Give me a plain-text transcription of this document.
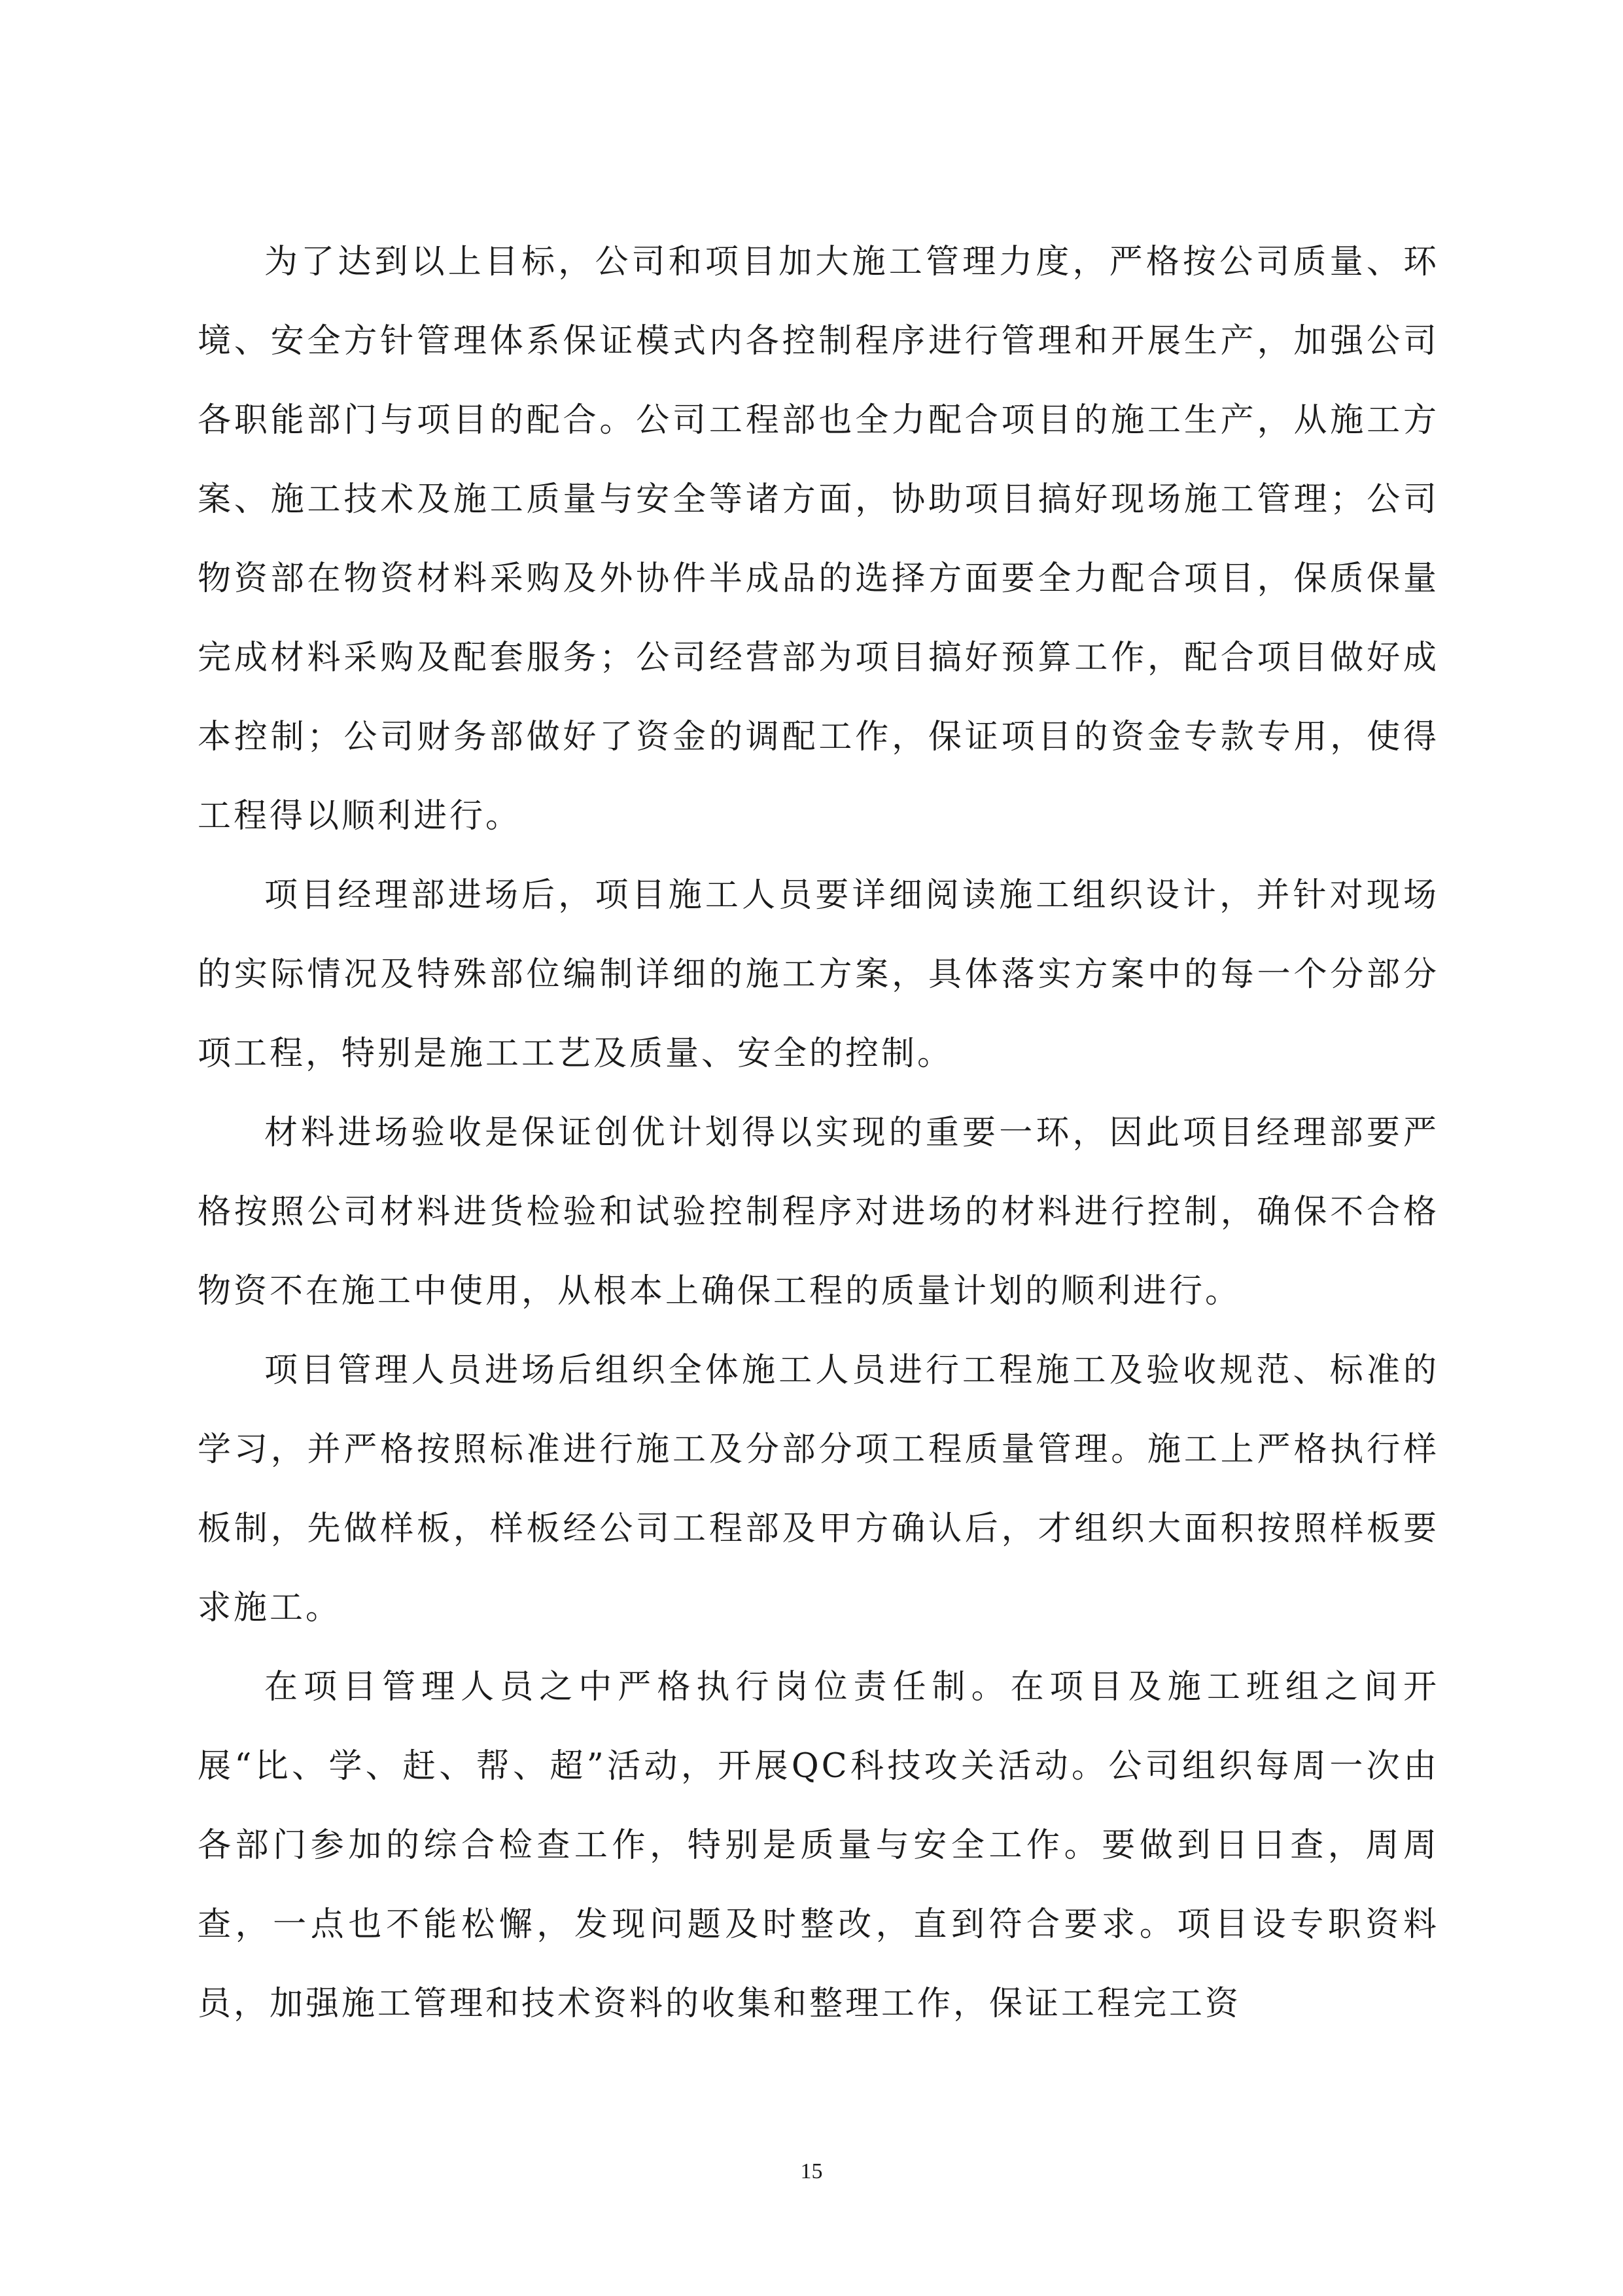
为了达到以上目标，公司和项目加大施工管理力度，严格按公司质量、环境、安全方针管理体系保证模式内各控制程序进行管理和开展生产，加强公司各职能部门与项目的配合。公司工程部也全力配合项目的施工生产，从施工方案、施工技术及施工质量与安全等诸方面，协助项目搞好现场施工管理；公司物资部在物资材料采购及外协件半成品的选择方面要全力配合项目，保质保量完成材料采购及配套服务；公司经营部为项目搞好预算工作，配合项目做好成本控制；公司财务部做好了资金的调配工作，保证项目的资金专款专用，使得工程得以顺利进行。

项目经理部进场后，项目施工人员要详细阅读施工组织设计，并针对现场的实际情况及特殊部位编制详细的施工方案，具体落实方案中的每一个分部分项工程，特别是施工工艺及质量、安全的控制。

材料进场验收是保证创优计划得以实现的重要一环，因此项目经理部要严格按照公司材料进货检验和试验控制程序对进场的材料进行控制，确保不合格物资不在施工中使用，从根本上确保工程的质量计划的顺利进行。

项目管理人员进场后组织全体施工人员进行工程施工及验收规范、标准的学习，并严格按照标准进行施工及分部分项工程质量管理。施工上严格执行样板制，先做样板，样板经公司工程部及甲方确认后，才组织大面积按照样板要求施工。

在项目管理人员之中严格执行岗位责任制。在项目及施工班组之间开展“比、学、赶、帮、超”活动，开展QC科技攻关活动。公司组织每周一次由各部门参加的综合检查工作，特别是质量与安全工作。要做到日日查，周周查，一点也不能松懈，发现问题及时整改，直到符合要求。项目设专职资料员，加强施工管理和技术资料的收集和整理工作，保证工程完工资

15
